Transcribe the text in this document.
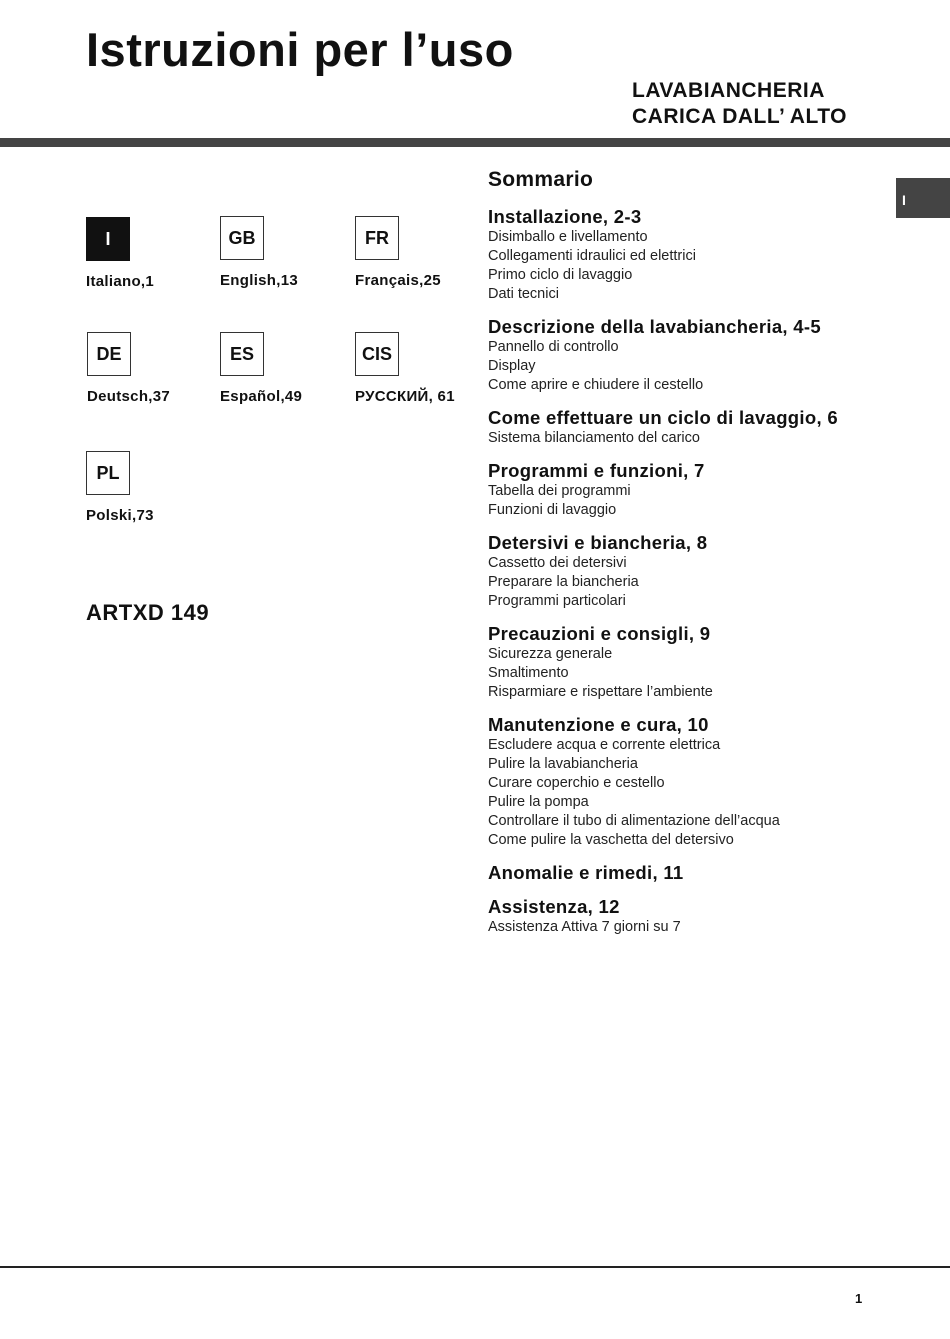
Istruzioni per l’uso
LAVABIANCHERIA
CARICA DALL’ ALTO
I
I
Italiano,1
GB
English,13
FR
Français,25
DE
Deutsch,37
ES
Español,49
CIS
РУССКИЙ, 61
PL
Polski,73
ARTXD 149
Sommario
Installazione, 2-3
Disimballo e livellamento
Collegamenti idraulici ed elettrici
Primo ciclo di lavaggio
Dati tecnici
Descrizione della lavabiancheria, 4-5
Pannello di controllo
Display
Come aprire e chiudere il cestello
Come effettuare un ciclo di lavaggio, 6
Sistema bilanciamento del carico
Programmi e funzioni, 7
Tabella dei programmi
Funzioni di lavaggio
Detersivi e biancheria, 8
Cassetto dei detersivi
Preparare la biancheria
Programmi particolari
Precauzioni e consigli, 9
Sicurezza generale
Smaltimento
Risparmiare e rispettare l’ambiente
Manutenzione e cura, 10
Escludere acqua e corrente elettrica
Pulire la lavabiancheria
Curare coperchio e cestello
Pulire la pompa
Controllare il tubo di alimentazione dell’acqua
Come pulire la vaschetta del detersivo
Anomalie e rimedi, 11
Assistenza, 12
Assistenza Attiva 7 giorni su 7
1
